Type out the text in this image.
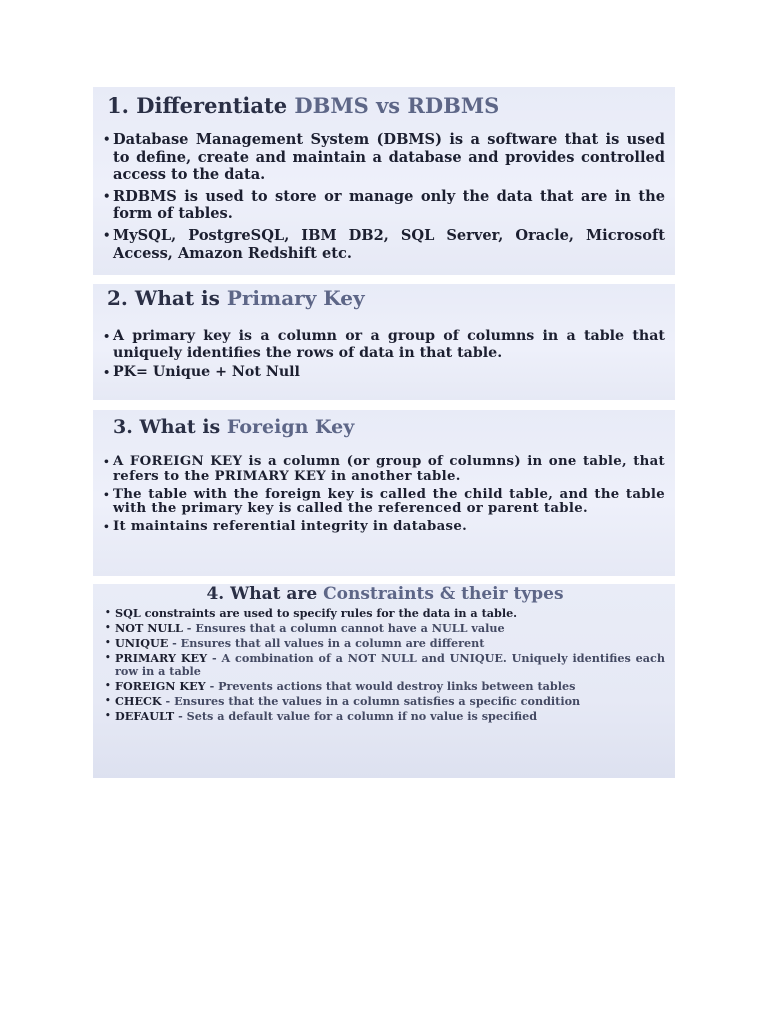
1. Differentiate DBMS vs RDBMS
• Database Management System (DBMS) is a software that is used to define, create and maintain a database and provides controlled access to the data.
• RDBMS is used to store or manage only the data that are in the form of tables.
• MySQL, PostgreSQL, IBM DB2, SQL Server, Oracle, Microsoft Access, Amazon Redshift etc.
2. What is Primary Key
• A primary key is a column or a group of columns in a table that uniquely identifies the rows of data in that table.
• PK= Unique + Not Null
3. What is Foreign Key
• A FOREIGN KEY is a column (or group of columns) in one table, that refers to the PRIMARY KEY in another table.
• The table with the foreign key is called the child table, and the table with the primary key is called the referenced or parent table.
• It maintains referential integrity in database.
4. What are Constraints & their types
• SQL constraints are used to specify rules for the data in a table.
• NOT NULL - Ensures that a column cannot have a NULL value
• UNIQUE - Ensures that all values in a column are different
• PRIMARY KEY - A combination of a NOT NULL and UNIQUE. Uniquely identifies each row in a table
• FOREIGN KEY - Prevents actions that would destroy links between tables
• CHECK - Ensures that the values in a column satisfies a specific condition
• DEFAULT - Sets a default value for a column if no value is specified
